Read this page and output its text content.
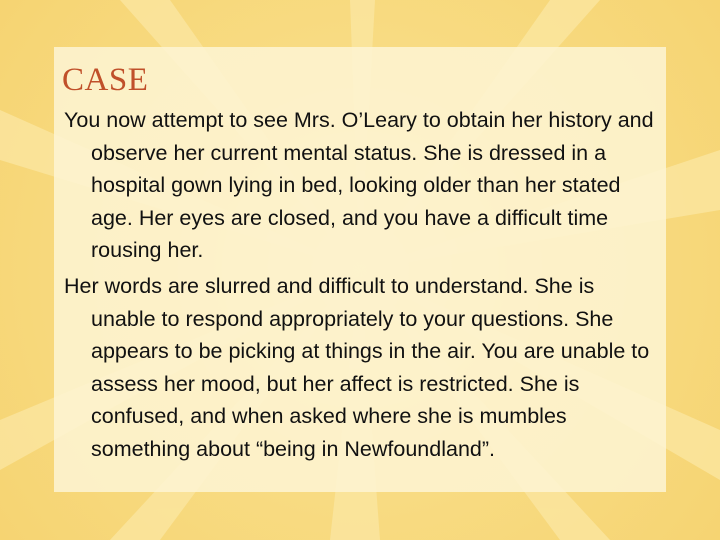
CASE

You now attempt to see Mrs. O’Leary to obtain her history and observe her current mental status. She is dressed in a hospital gown lying in bed, looking older than her stated age. Her eyes are closed, and you have a difficult time rousing her.

Her words are slurred and difficult to understand. She is unable to respond appropriately to your questions. She appears to be picking at things in the air. You are unable to assess her mood, but her affect is restricted. She is confused, and when asked where she is mumbles something about “being in Newfoundland”.
